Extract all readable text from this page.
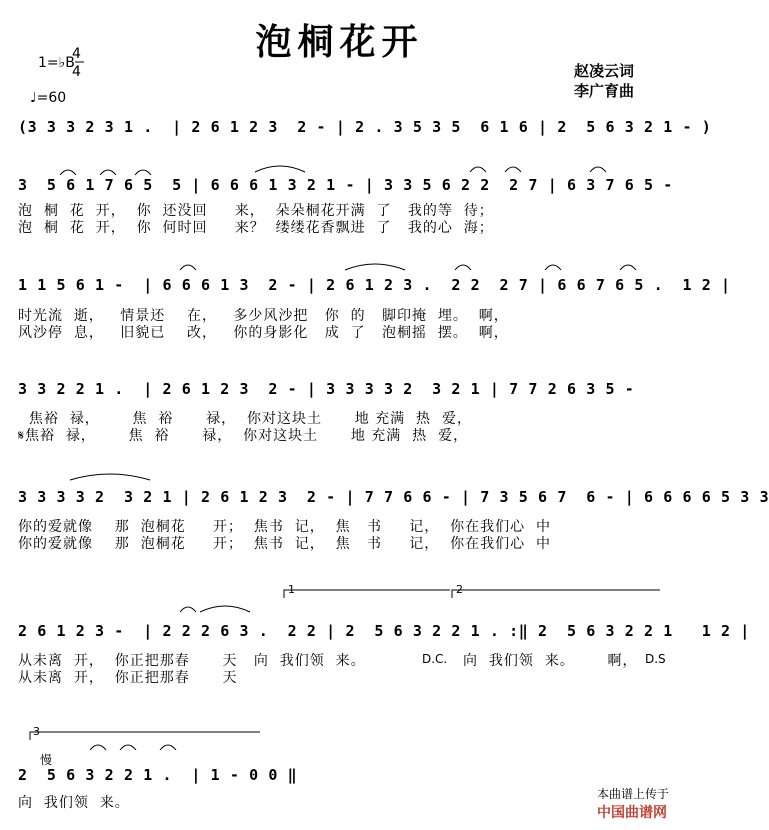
泡桐花开
赵凌云词
李广育曲
1=♭B
4
4
♩=60
(3 3 3 2 3 1 .  | 2 6 1 2 3  2 - | 2 . 3 5 3 5  6 1 6 | 2  5 6 3 2 1 - )
3  5 6 1 7 6 5  5 | 6 6 6 1 3 2 1 - | 3 3 5 6 2 2  2 7 | 6 3 7 6 5 -
泡  桐  花  开，  你  还没回     来，  朵朵桐花开满  了   我的等  待；
泡  桐  花  开，  你  何时回     来？  缕缕花香飘进  了   我的心  海；
1 1 5 6 1 -  | 6 6 6 1 3  2 - | 2 6 1 2 3 .  2 2  2 7 | 6 6 7 6 5 .  1 2 |
时光流  逝，   情景还    在，   多少风沙把   你  的   脚印掩  埋。  啊，
风沙停  息，   旧貌已    改，   你的身影化   成  了   泡桐摇  摆。  啊，
3 3 2 2 1 .  | 2 6 1 2 3  2 - | 3 3 3 3 2  3 2 1 | 7 7 2 6 3 5 -
焦裕  禄，      焦  裕      禄，  你对这块土      地 充满  热  爱，
𝄋焦裕  禄，      焦  裕      禄，  你对这块土      地 充满  热  爱，
3 3 3 3 2  3 2 1 | 2 6 1 2 3  2 - | 7 7 6 6 - | 7 3 5 6 7  6 - | 6 6 6 6 5 3 3
你的爱就像    那  泡桐花     开；  焦书  记，  焦   书     记，  你在我们心  中
你的爱就像    那  泡桐花     开；  焦书  记，  焦   书     记，  你在我们心  中
1	2
2 6 1 2 3 -  | 2 2 2 6 3 .  2 2 | 2  5 6 3 2 2 1 . :‖ 2  5 6 3 2 2 1   1 2 |
从未离  开，  你正把那春      天   向  我们领  来。	D.C. 向  我们领  来。      啊， D.S
从未离  开，  你正把那春      天
3
慢
2  5 6 3 2 2 1 .  | 1 - 0 0 ‖
向  我们领  来。

本曲谱上传于
中国曲谱网
